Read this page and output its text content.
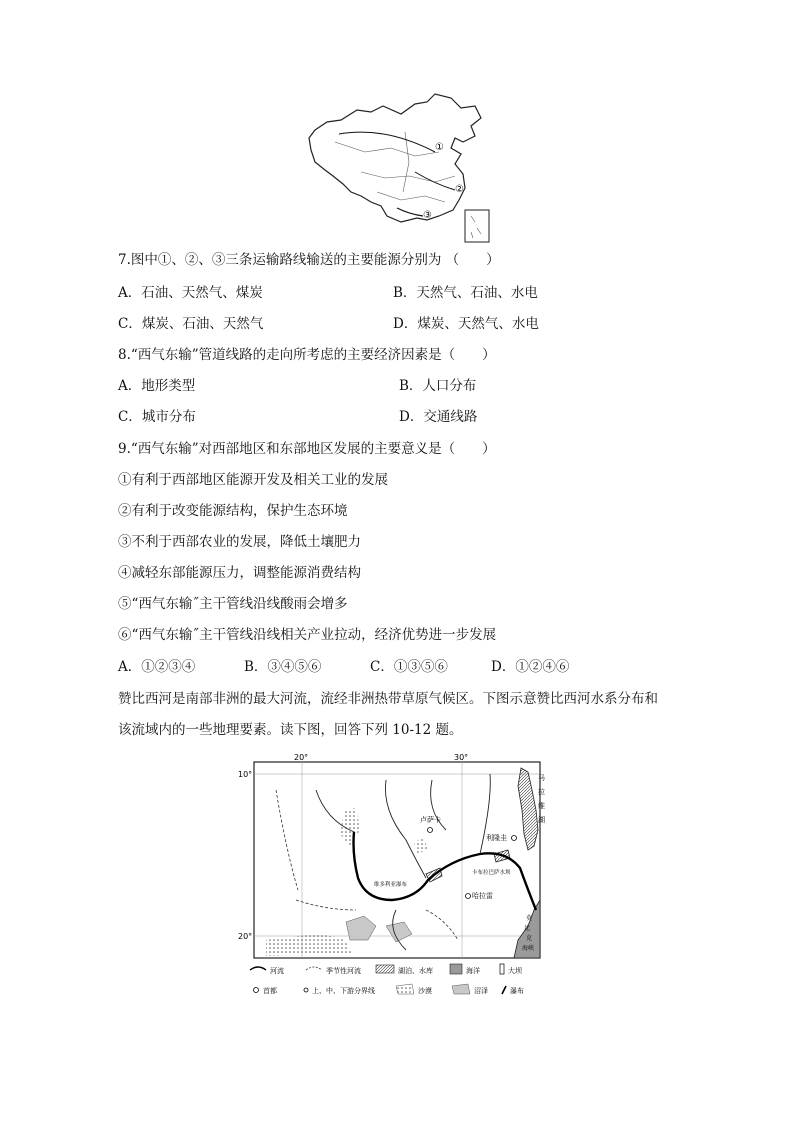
①
②
③
7.图中①、②、③三条运输路线输送的主要能源分别为 （　　）
A．石油、天然气、煤炭	B．天然气、石油、水电
C．煤炭、石油、天然气	D．煤炭、天然气、水电
8.“西气东输”管道线路的走向所考虑的主要经济因素是（　　）
A．地形类型	B．人口分布
C．城市分布	D．交通线路
9.“西气东输”对西部地区和东部地区发展的主要意义是（　　）
①有利于西部地区能源开发及相关工业的发展
②有利于改变能源结构，保护生态环境
③不利于西部农业的发展，降低土壤肥力
④减轻东部能源压力，调整能源消费结构
⑤“西气东输˝主干管线沿线酸雨会增多
⑥“西气东输˝主干管线沿线相关产业拉动，经济优势进一步发展
A．①②③④	B．③④⑤⑥	C．①③⑤⑥	D．①②④⑥
赞比西河是南部非洲的最大河流，流经非洲热带草原气候区。下图示意赞比西河水系分布和
该流域内的一些地理要素。读下图，回答下列 10-12 题。
20°	30°
10°
20°
卢萨卡
利隆圭
哈拉雷
维多利亚瀑布
卡布拉巴萨水坝
马
拉
维
湖
莫
比
克
海峡
河流	季节性河流	湖泊、水库	海洋	大坝
首都	上、中、下游分界线	沙漠	沼泽	瀑布
